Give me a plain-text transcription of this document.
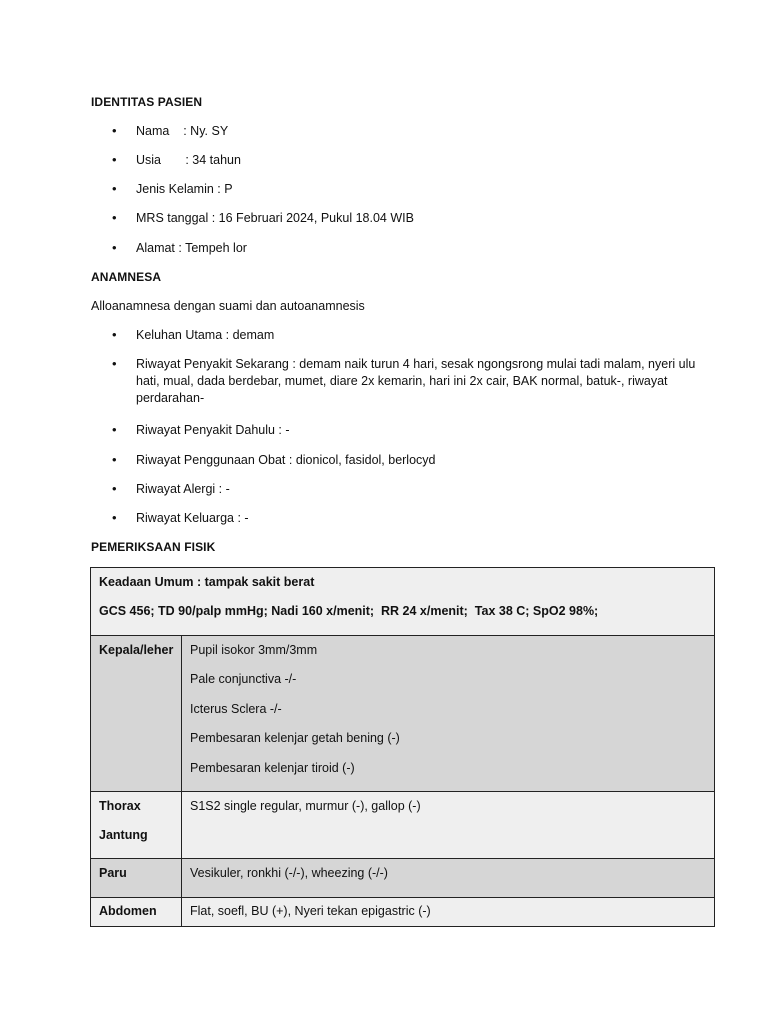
IDENTITAS PASIEN
• Nama    : Ny. SY
• Usia       : 34 tahun
• Jenis Kelamin : P
• MRS tanggal : 16 Februari 2024, Pukul 18.04 WIB
• Alamat : Tempeh lor
ANAMNESA
Alloanamnesa dengan suami dan autoanamnesis
• Keluhan Utama : demam
• Riwayat Penyakit Sekarang : demam naik turun 4 hari, sesak ngongsrong mulai tadi malam, nyeri ulu hati, mual, dada berdebar, mumet, diare 2x kemarin, hari ini 2x cair, BAK normal, batuk-, riwayat perdarahan-
• Riwayat Penyakit Dahulu : -
• Riwayat Penggunaan Obat : dionicol, fasidol, berlocyd
• Riwayat Alergi : -
• Riwayat Keluarga : -
PEMERIKSAAN FISIK
Keadaan Umum : tampak sakit berat
GCS 456; TD 90/palp mmHg; Nadi 160 x/menit;  RR 24 x/menit;  Tax 38 C; SpO2 98%;	

Kepala/leher	Pupil isokor 3mm/3mm
Pale conjunctiva -/-
Icterus Sclera -/-
Pembesaran kelenjar getah bening (-)
Pembesaran kelenjar tiroid (-)

Thorax
Jantung	S1S2 single regular, murmur (-), gallop (-)

Paru	Vesikuler, ronkhi (-/-), wheezing (-/-)

Abdomen	Flat, soefl, BU (+), Nyeri tekan epigastric (-)
